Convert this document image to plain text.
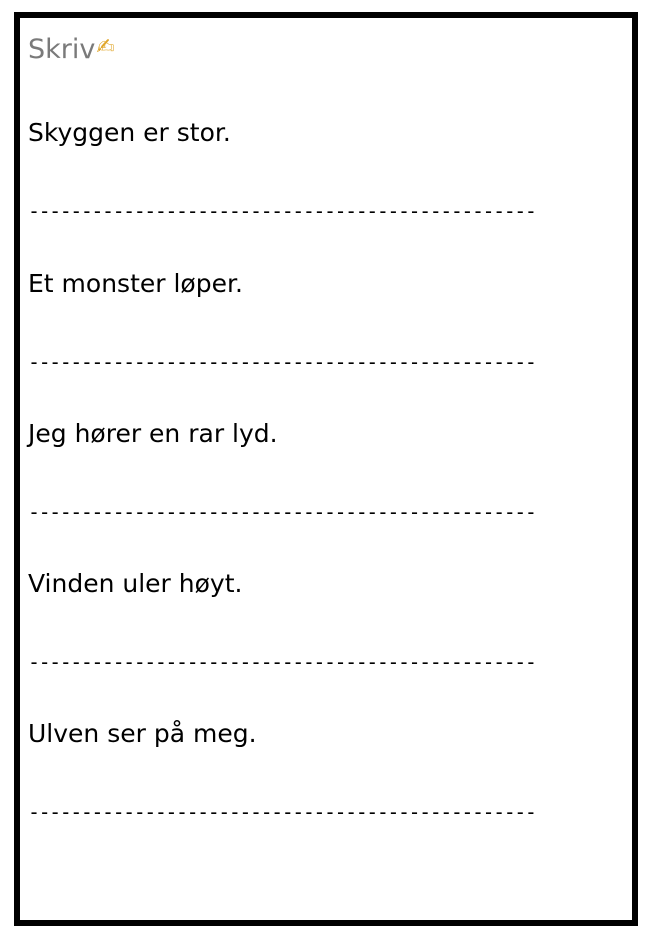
Skriv✍
Skyggen er stor.
------------------------------------------------
Et monster løper.
------------------------------------------------
Jeg hører en rar lyd.
------------------------------------------------
Vinden uler høyt.
------------------------------------------------
Ulven ser på meg.
------------------------------------------------
